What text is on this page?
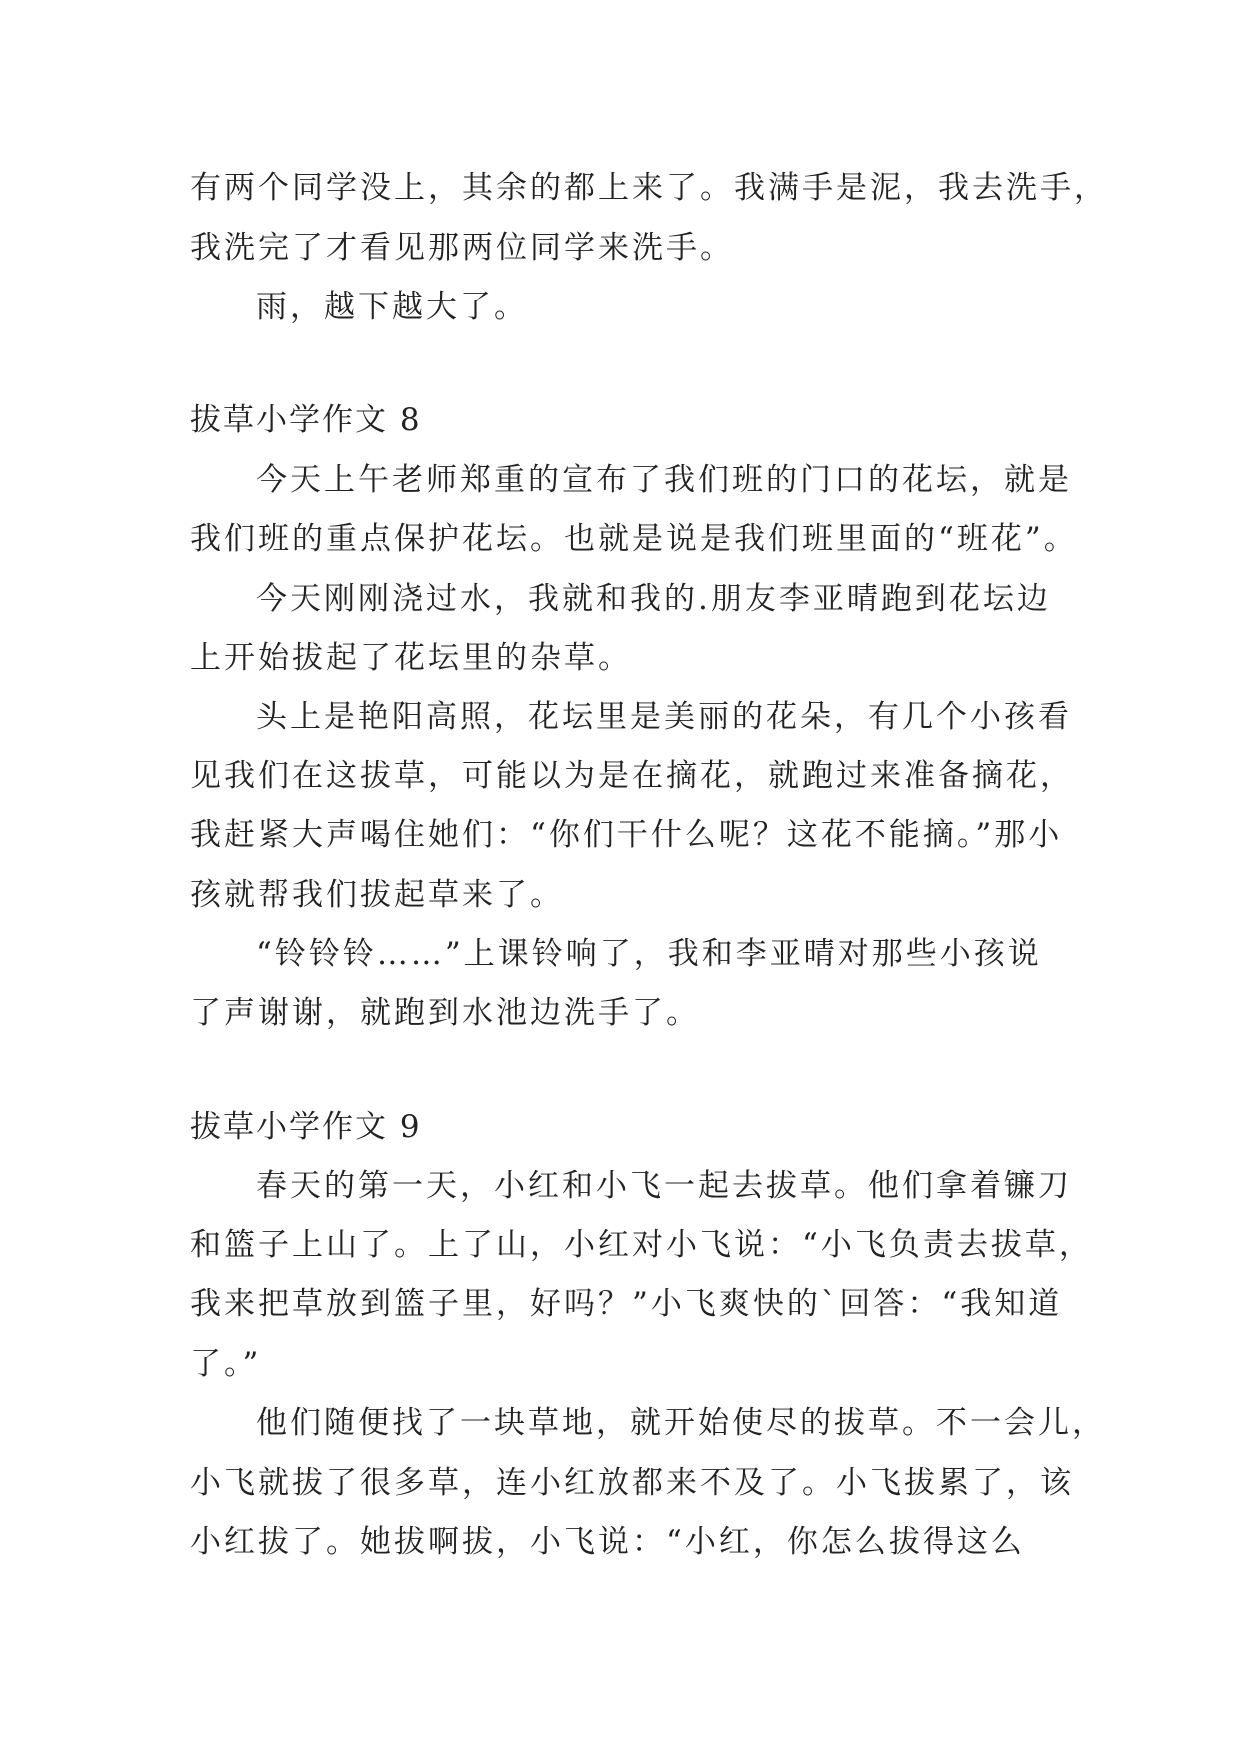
有两个同学没上，其余的都上来了。我满手是泥，我去洗手，

我洗完了才看见那两位同学来洗手。

雨，越下越大了。

拔草小学作文 8

今天上午老师郑重的宣布了我们班的门口的花坛，就是

我们班的重点保护花坛。也就是说是我们班里面的“班花”。

今天刚刚浇过水，我就和我的.朋友李亚晴跑到花坛边

上开始拔起了花坛里的杂草。

头上是艳阳高照，花坛里是美丽的花朵，有几个小孩看

见我们在这拔草，可能以为是在摘花，就跑过来准备摘花，

我赶紧大声喝住她们：“你们干什么呢？这花不能摘。”那小

孩就帮我们拔起草来了。

“铃铃铃……”上课铃响了，我和李亚晴对那些小孩说

了声谢谢，就跑到水池边洗手了。

拔草小学作文 9

春天的第一天，小红和小飞一起去拔草。他们拿着镰刀

和篮子上山了。上了山，小红对小飞说：“小飞负责去拔草，

我来把草放到篮子里，好吗？”小飞爽快的`回答：“我知道

了。”

他们随便找了一块草地，就开始使尽的拔草。不一会儿，

小飞就拔了很多草，连小红放都来不及了。小飞拔累了，该

小红拔了。她拔啊拔，小飞说：“小红，你怎么拔得这么
